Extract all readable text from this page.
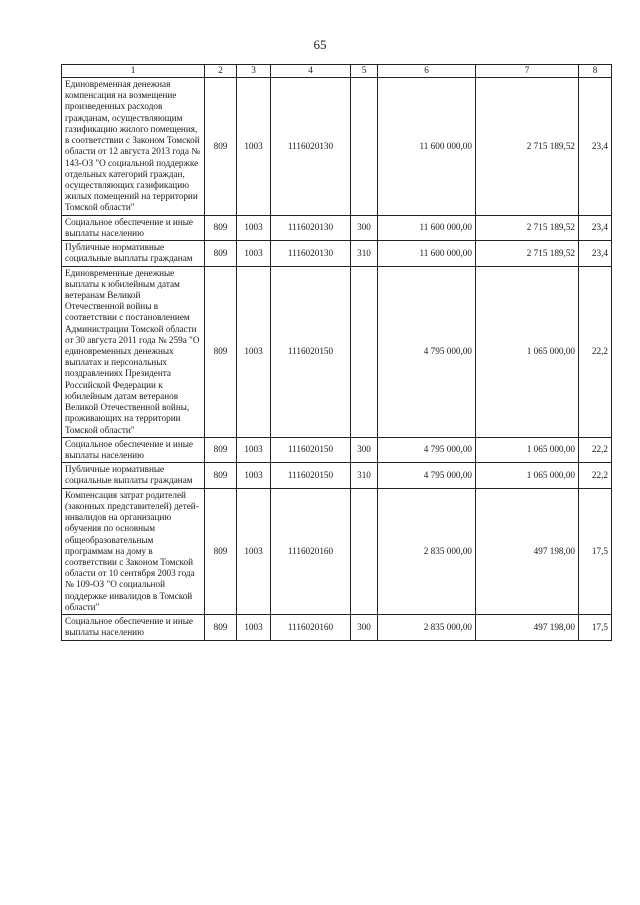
65
1	2	3	4	5	6	7	8
Единовременная денежная компенсация на возмещение произведенных расходов гражданам, осуществляющим газификацию жилого помещения, в соответствии с Законом Томской области от 12 августа 2013 года № 143-ОЗ "О социальной поддержке отдельных категорий граждан, осуществляющих газификацию жилых помещений на территории Томской области"	809	1003	1116020130		11 600 000,00	2 715 189,52	23,4
Социальное обеспечение и иные выплаты населению	809	1003	1116020130	300	11 600 000,00	2 715 189,52	23,4
Публичные нормативные социальные выплаты гражданам	809	1003	1116020130	310	11 600 000,00	2 715 189,52	23,4
Единовременные денежные выплаты к юбилейным датам ветеранам Великой Отечественной войны в соответствии с постановлением Администрации Томской области от 30 августа 2011 года № 259а "О единовременных денежных выплатах и персональных поздравлениях Президента Российской Федерации к юбилейным датам ветеранов Великой Отечественной войны, проживающих на территории Томской области"	809	1003	1116020150		4 795 000,00	1 065 000,00	22,2
Социальное обеспечение и иные выплаты населению	809	1003	1116020150	300	4 795 000,00	1 065 000,00	22,2
Публичные нормативные социальные выплаты гражданам	809	1003	1116020150	310	4 795 000,00	1 065 000,00	22,2
Компенсация затрат родителей (законных представителей) детей-инвалидов на организацию обучения по основным общеобразовательным программам на дому в соответствии с Законом Томской области от 10 сентября 2003 года № 109-ОЗ "О социальной поддержке инвалидов в Томской области"	809	1003	1116020160		2 835 000,00	497 198,00	17,5
Социальное обеспечение и иные выплаты населению	809	1003	1116020160	300	2 835 000,00	497 198,00	17,5
